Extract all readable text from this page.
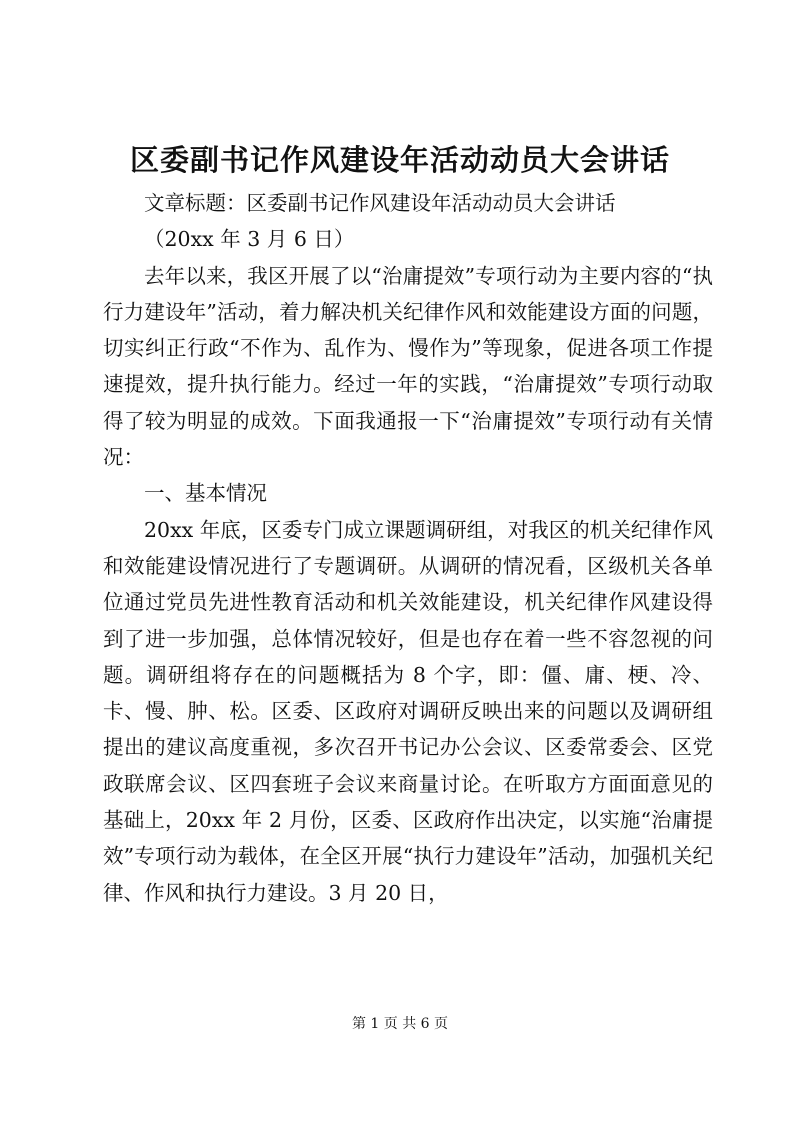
区委副书记作风建设年活动动员大会讲话

文章标题：区委副书记作风建设年活动动员大会讲话

（20xx 年 3 月 6 日）

去年以来，我区开展了以“治庸提效”专项行动为主要内容的“执行力建设年”活动，着力解决机关纪律作风和效能建设方面的问题，切实纠正行政“不作为、乱作为、慢作为”等现象，促进各项工作提速提效，提升执行能力。经过一年的实践，“治庸提效”专项行动取得了较为明显的成效。下面我通报一下“治庸提效”专项行动有关情况：

一、基本情况

20xx 年底，区委专门成立课题调研组，对我区的机关纪律作风和效能建设情况进行了专题调研。从调研的情况看，区级机关各单位通过党员先进性教育活动和机关效能建设，机关纪律作风建设得到了进一步加强，总体情况较好，但是也存在着一些不容忽视的问题。调研组将存在的问题概括为 8 个字，即：僵、庸、梗、冷、卡、慢、肿、松。区委、区政府对调研反映出来的问题以及调研组提出的建议高度重视，多次召开书记办公会议、区委常委会、区党政联席会议、区四套班子会议来商量讨论。在听取方方面面意见的基础上，20xx 年 2 月份，区委、区政府作出决定，以实施“治庸提效”专项行动为载体，在全区开展“执行力建设年”活动，加强机关纪律、作风和执行力建设。3 月 20 日，

第 1 页 共 6 页
